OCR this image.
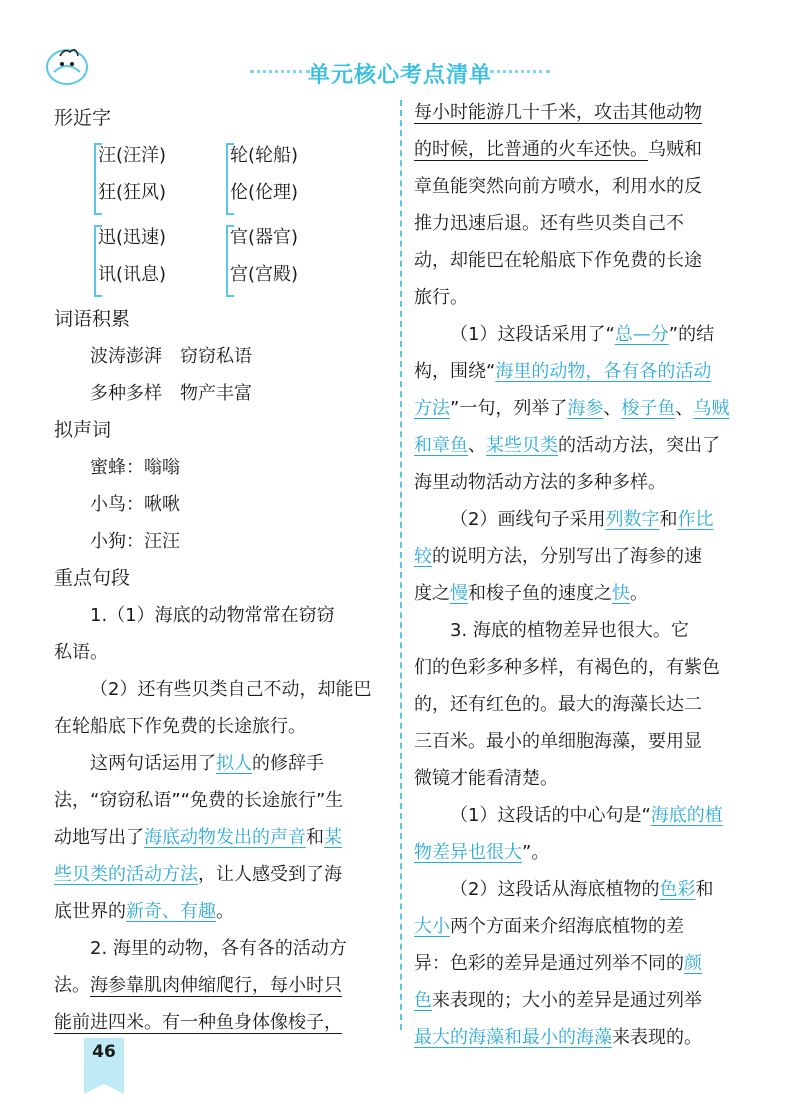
单元核心考点清单
形近字
汪(汪洋)
狂(狂风)
轮(轮船)
伦(伦理)
迅(迅速)
讯(讯息)
官(器官)
宫(宫殿)
词语积累
波涛澎湃　窃窃私语
多种多样　物产丰富
拟声词
蜜蜂：嗡嗡
小鸟：啾啾
小狗：汪汪
重点句段
1.（1）海底的动物常常在窃窃
私语。
（2）还有些贝类自己不动，却能巴
在轮船底下作免费的长途旅行。
这两句话运用了拟人的修辞手
法，“窃窃私语”“免费的长途旅行”生
动地写出了海底动物发出的声音和某
些贝类的活动方法，让人感受到了海
底世界的新奇、有趣。
2. 海里的动物，各有各的活动方
法。海参靠肌肉伸缩爬行，每小时只
能前进四米。有一种鱼身体像梭子，
每小时能游几十千米，攻击其他动物
的时候，比普通的火车还快。乌贼和
章鱼能突然向前方喷水，利用水的反
推力迅速后退。还有些贝类自己不
动，却能巴在轮船底下作免费的长途
旅行。
（1）这段话采用了“总—分”的结
构，围绕“海里的动物，各有各的活动
方法”一句，列举了海参、梭子鱼、乌贼
和章鱼、某些贝类的活动方法，突出了
海里动物活动方法的多种多样。
（2）画线句子采用列数字和作比
较的说明方法，分别写出了海参的速
度之慢和梭子鱼的速度之快。
3. 海底的植物差异也很大。它
们的色彩多种多样，有褐色的，有紫色
的，还有红色的。最大的海藻长达二
三百米。最小的单细胞海藻，要用显
微镜才能看清楚。
（1）这段话的中心句是“海底的植
物差异也很大”。
（2）这段话从海底植物的色彩和
大小两个方面来介绍海底植物的差
异：色彩的差异是通过列举不同的颜
色来表现的；大小的差异是通过列举
最大的海藻和最小的海藻来表现的。
46
